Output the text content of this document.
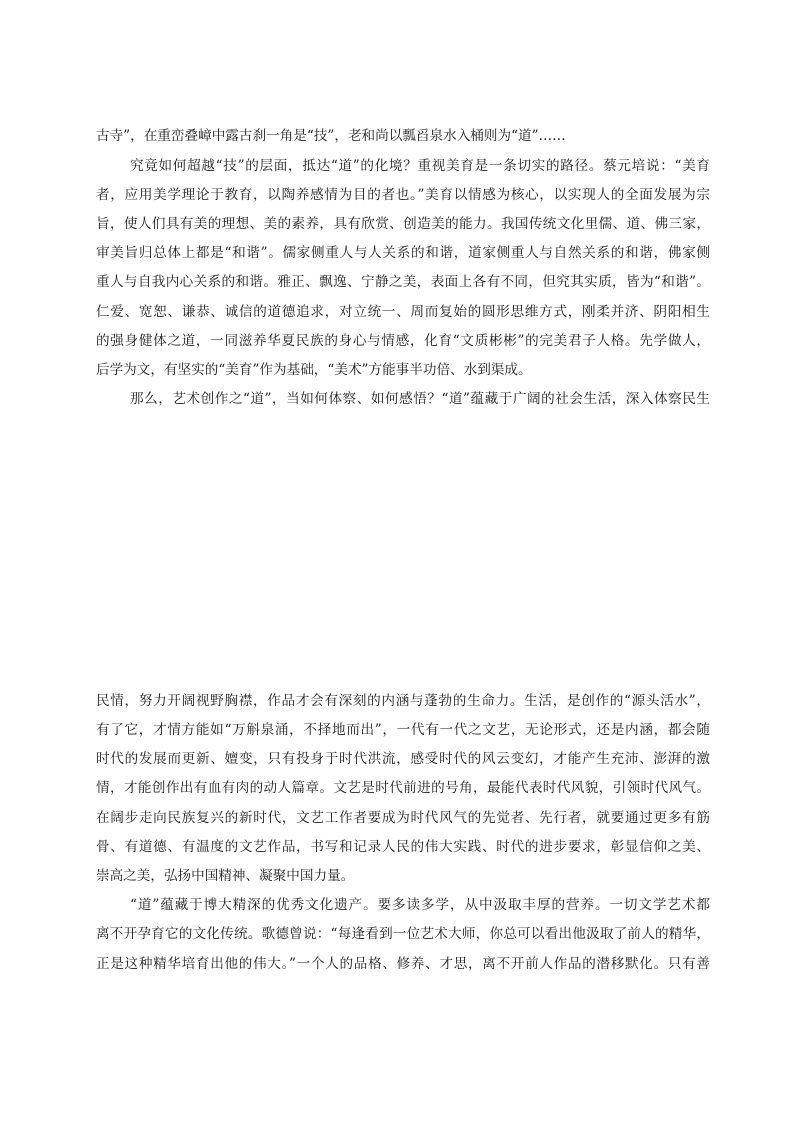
古寺”，在重峦叠嶂中露古刹一角是“技”，老和尚以瓢舀泉水入桶则为“道”……
究竟如何超越“技”的层面，抵达“道”的化境？重视美育是一条切实的路径。蔡元培说：“美育
者，应用美学理论于教育，以陶养感情为目的者也。”美育以情感为核心，以实现人的全面发展为宗
旨，使人们具有美的理想、美的素养，具有欣赏、创造美的能力。我国传统文化里儒、道、佛三家，
审美旨归总体上都是“和谐”。儒家侧重人与人关系的和谐，道家侧重人与自然关系的和谐，佛家侧
重人与自我内心关系的和谐。雅正、飘逸、宁静之美，表面上各有不同，但究其实质，皆为“和谐”。
仁爱、宽恕、谦恭、诚信的道德追求，对立统一、周而复始的圆形思维方式，刚柔并济、阴阳相生
的强身健体之道，一同滋养华夏民族的身心与情感，化育“文质彬彬”的完美君子人格。先学做人，
后学为文，有坚实的“美育”作为基础，“美术”方能事半功倍、水到渠成。
那么，艺术创作之“道”，当如何体察、如何感悟？“道”蕴藏于广阔的社会生活，深入体察民生
民情，努力开阔视野胸襟，作品才会有深刻的内涵与蓬勃的生命力。生活，是创作的“源头活水”，
有了它，才情方能如“万斛泉涌，不择地而出”，一代有一代之文艺，无论形式，还是内涵，都会随
时代的发展而更新、嬗变，只有投身于时代洪流，感受时代的风云变幻，才能产生充沛、澎湃的激
情，才能创作出有血有肉的动人篇章。文艺是时代前进的号角，最能代表时代风貌，引领时代风气。
在阔步走向民族复兴的新时代，文艺工作者要成为时代风气的先觉者、先行者，就要通过更多有筋
骨、有道德、有温度的文艺作品，书写和记录人民的伟大实践、时代的进步要求，彰显信仰之美、
崇高之美，弘扬中国精神、凝聚中国力量。
“道”蕴藏于博大精深的优秀文化遗产。要多读多学，从中汲取丰厚的营养。一切文学艺术都
离不开孕育它的文化传统。歌德曾说：“每逢看到一位艺术大师，你总可以看出他汲取了前人的精华，
正是这种精华培育出他的伟大。”一个人的品格、修养、才思，离不开前人作品的潜移默化。只有善
